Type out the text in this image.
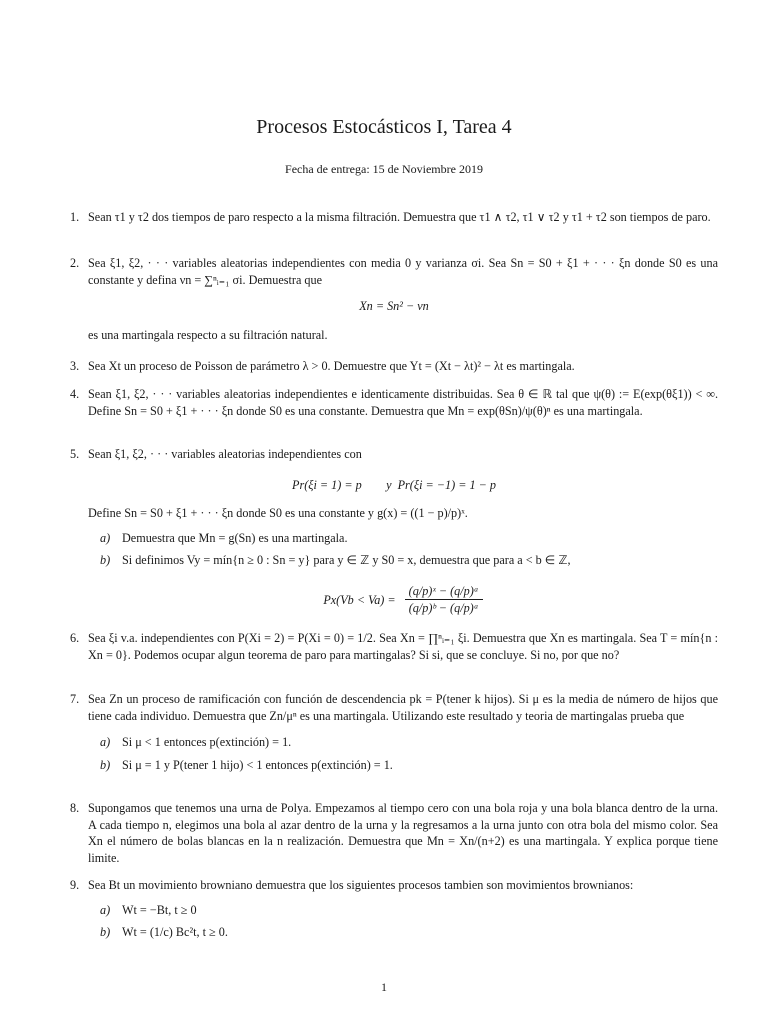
Procesos Estocásticos I, Tarea 4
Fecha de entrega: 15 de Noviembre 2019
1. Sean τ1 y τ2 dos tiempos de paro respecto a la misma filtración. Demuestra que τ1 ∧ τ2, τ1 ∨ τ2 y τ1 + τ2 son tiempos de paro.
2. Sea ξ1, ξ2, · · · variables aleatorias independientes con media 0 y varianza σi. Sea Sn = S0 + ξ1 + · · · ξn donde S0 es una constante y defina νn = ∑ⁿᵢ₌₁ σi. Demuestra que
Xn = Sn² − νn
es una martingala respecto a su filtración natural.
3. Sea Xt un proceso de Poisson de parámetro λ > 0. Demuestre que Yt = (Xt − λt)² − λt es martingala.
4. Sean ξ1, ξ2, · · · variables aleatorias independientes e identicamente distribuidas. Sea θ ∈ ℝ tal que ψ(θ) := E(exp(θξ1)) < ∞. Define Sn = S0 + ξ1 + · · · ξn donde S0 es una constante. Demuestra que Mn = exp(θSn)/ψ(θ)ⁿ es una martingala.
5. Sean ξ1, ξ2, · · · variables aleatorias independientes con
Pr(ξi = 1) = p        y  Pr(ξi = −1) = 1 − p
Define Sn = S0 + ξ1 + · · · ξn donde S0 es una constante y g(x) = ((1 − p)/p)ˣ.
a) Demuestra que Mn = g(Sn) es una martingala.
b) Si definimos Vy = mín{n ≥ 0 : Sn = y} para y ∈ ℤ y S0 = x, demuestra que para a < b ∈ ℤ,
$Px(Vb < Va) = \frac{\text{(q/p)ˣ − (q/p)ᵃ}}{\text{(q/p)ᵇ − (q/p)ᵃ}}$
6. Sea ξi v.a. independientes con P(Xi = 2) = P(Xi = 0) = 1/2. Sea Xn = ∏ⁿᵢ₌₁ ξi. Demuestra que Xn es martingala. Sea T = mín{n : Xn = 0}. Podemos ocupar algun teorema de paro para martingalas? Si si, que se concluye. Si no, por que no?
7. Sea Zn un proceso de ramificación con función de descendencia pk = P(tener k hijos). Si μ es la media de número de hijos que tiene cada individuo. Demuestra que Zn/μⁿ es una martingala. Utilizando este resultado y teoria de martingalas prueba que
a) Si μ < 1 entonces p(extinción) = 1.
b) Si μ = 1 y P(tener 1 hijo) < 1 entonces p(extinción) = 1.
8. Supongamos que tenemos una urna de Polya. Empezamos al tiempo cero con una bola roja y una bola blanca dentro de la urna. A cada tiempo n, elegimos una bola al azar dentro de la urna y la regresamos a la urna junto con otra bola del mismo color. Sea Xn el número de bolas blancas en la n realización. Demuestra que Mn = Xn/(n+2) es una martingala. Y explica porque tiene limite.
9. Sea Bt un movimiento browniano demuestra que los siguientes procesos tambien son movimientos brownianos:
a) Wt = −Bt, t ≥ 0
b) Wt = (1/c) Bc²t, t ≥ 0.
1
